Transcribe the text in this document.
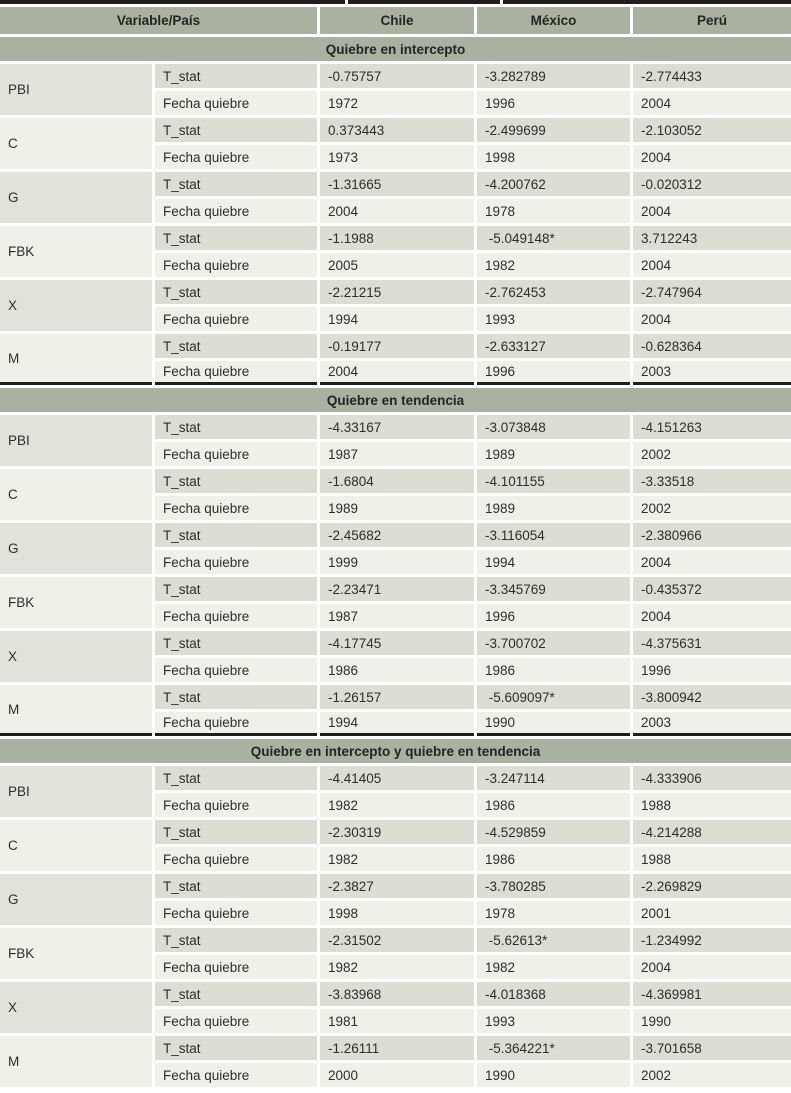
Variable/País	Chile	México	Perú
Quiebre en intercepto
PBI
T_stat	-0.75757	-3.282789	-2.774433
Fecha quiebre	1972	1996	2004
C
T_stat	0.373443	-2.499699	-2.103052
Fecha quiebre	1973	1998	2004
G
T_stat	-1.31665	-4.200762	-0.020312
Fecha quiebre	2004	1978	2004
FBK
T_stat	-1.1988	-5.049148*	3.712243
Fecha quiebre	2005	1982	2004
X
T_stat	-2.21215	-2.762453	-2.747964
Fecha quiebre	1994	1993	2004
M
T_stat	-0.19177	-2.633127	-0.628364
Fecha quiebre	2004	1996	2003
Quiebre en tendencia
PBI
T_stat	-4.33167	-3.073848	-4.151263
Fecha quiebre	1987	1989	2002
C
T_stat	-1.6804	-4.101155	-3.33518
Fecha quiebre	1989	1989	2002
G
T_stat	-2.45682	-3.116054	-2.380966
Fecha quiebre	1999	1994	2004
FBK
T_stat	-2.23471	-3.345769	-0.435372
Fecha quiebre	1987	1996	2004
X
T_stat	-4.17745	-3.700702	-4.375631
Fecha quiebre	1986	1986	1996
M
T_stat	-1.26157	-5.609097*	-3.800942
Fecha quiebre	1994	1990	2003
Quiebre en intercepto y quiebre en tendencia
PBI
T_stat	-4.41405	-3.247114	-4.333906
Fecha quiebre	1982	1986	1988
C
T_stat	-2.30319	-4.529859	-4.214288
Fecha quiebre	1982	1986	1988
G
T_stat	-2.3827	-3.780285	-2.269829
Fecha quiebre	1998	1978	2001
FBK
T_stat	-2.31502	-5.62613*	-1.234992
Fecha quiebre	1982	1982	2004
X
T_stat	-3.83968	-4.018368	-4.369981
Fecha quiebre	1981	1993	1990
M
T_stat	-1.26111	-5.364221*	-3.701658
Fecha quiebre	2000	1990	2002
